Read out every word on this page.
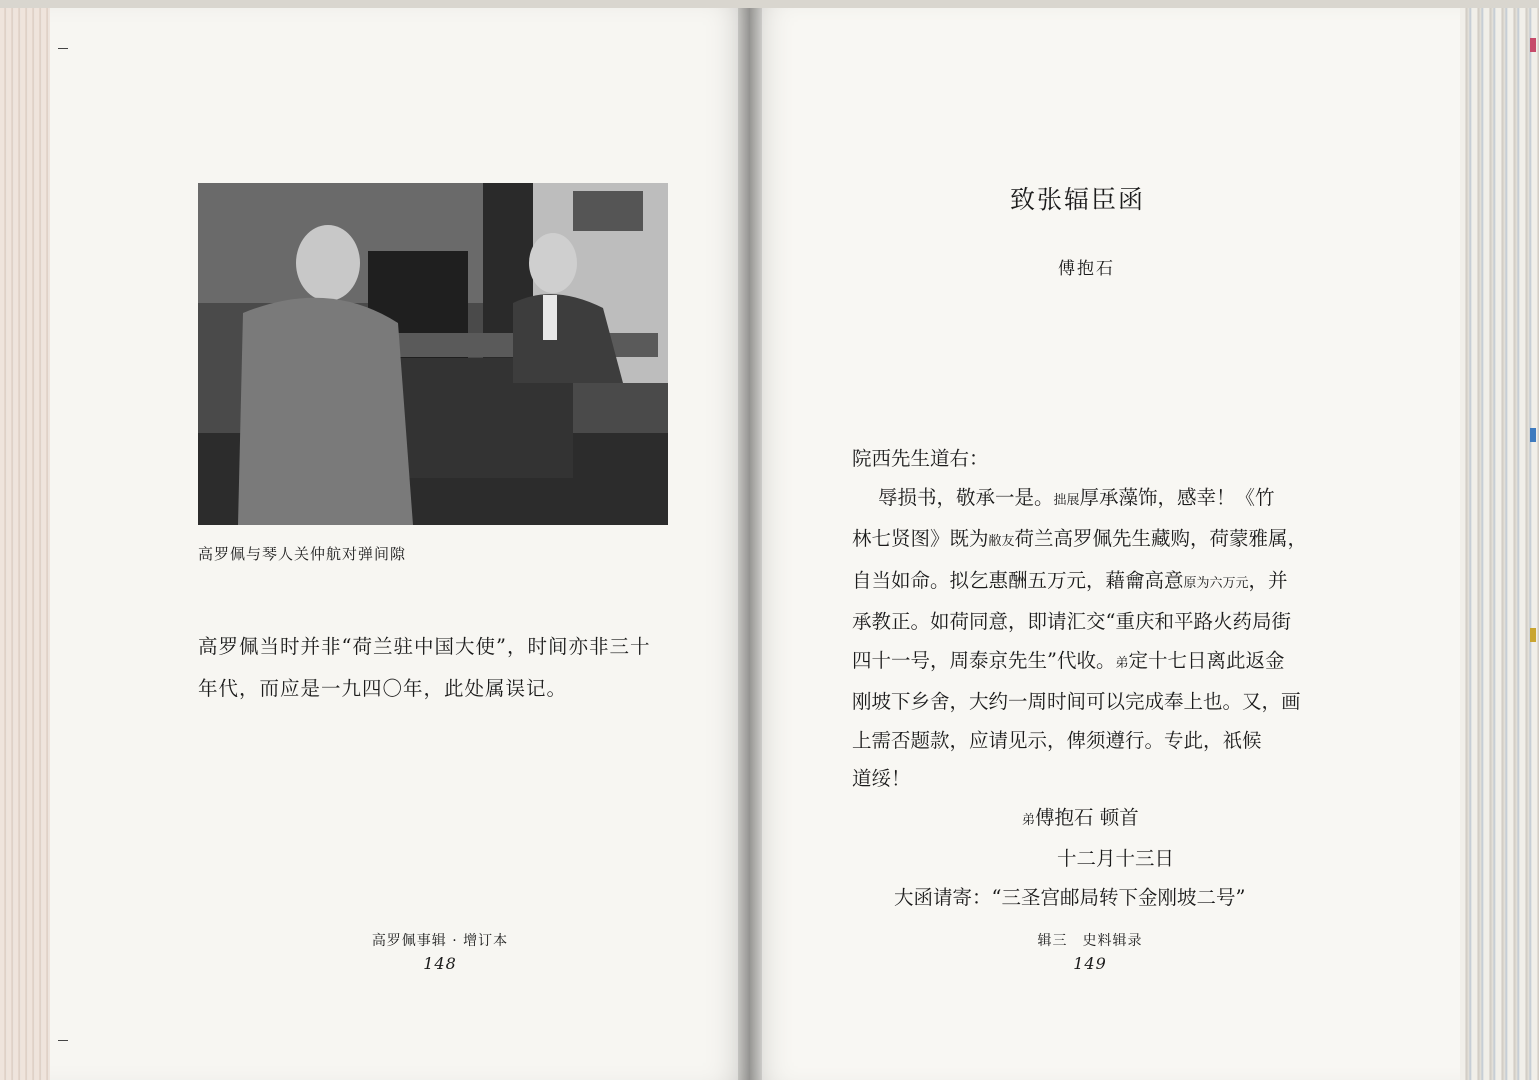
高罗佩与琴人关仲航对弹间隙
高罗佩当时并非“荷兰驻中国大使”，时间亦非三十
年代，而应是一九四〇年，此处属误记。
高罗佩事辑 · 增订本
148
致张辐臣函
傅抱石

院西先生道右：

辱损书，敬承一是。拙展厚承藻饰，感幸！《竹

林七贤图》既为敝友荷兰高罗佩先生藏购，荷蒙雅属，

自当如命。拟乞惠酬五万元，藉龠高意原为六万元，并

承教正。如荷同意，即请汇交“重庆和平路火药局街

四十一号，周泰京先生”代收。弟定十七日离此返金

刚坡下乡舍，大约一周时间可以完成奉上也。又，画

上需否题款，应请见示，俾须遵行。专此，祇候

道绥！

弟傅抱石 顿首

十二月十三日

大函请寄：“三圣宫邮局转下金刚坡二号”

辑三　史料辑录
149
